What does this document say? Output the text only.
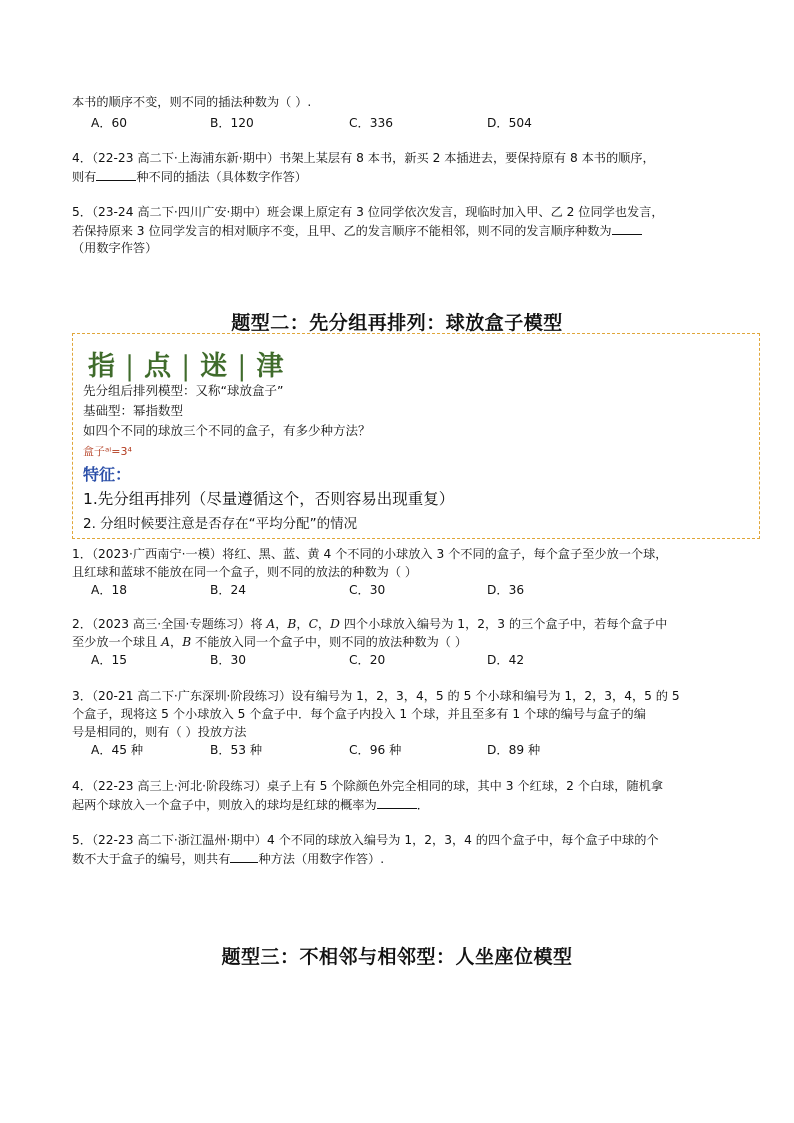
本书的顺序不变，则不同的插法种数为（ ）.
A．60	B．120	C．336	D．504
4．（22-23 高二下·上海浦东新·期中）书架上某层有 8 本书，新买 2 本插进去，要保持原有 8 本书的顺序，
则有	种不同的插法（具体数字作答）
5．（23-24 高二下·四川广安·期中）班会课上原定有 3 位同学依次发言，现临时加入甲、乙 2 位同学也发言，
若保持原来 3 位同学发言的相对顺序不变，且甲、乙的发言顺序不能相邻，则不同的发言顺序种数为
（用数字作答）
题型二：先分组再排列：球放盒子模型
指 | 点 | 迷 | 津
先分组后排列模型：又称“球放盒子”
基础型：幂指数型
如四个不同的球放三个不同的盒子，有多少种方法？
盒子ᵃⁱ=3⁴
特征：
1.先分组再排列（尽量遵循这个，否则容易出现重复）
2. 分组时候要注意是否存在“平均分配”的情况
1．（2023·广西南宁·一模）将红、黑、蓝、黄 4 个不同的小球放入 3 个不同的盒子，每个盒子至少放一个球，
且红球和蓝球不能放在同一个盒子，则不同的放法的种数为（ ）
A．18	B．24	C．30	D．36
2．（2023 高三·全国·专题练习）将 A，B，C，D 四个小球放入编号为 1，2，3 的三个盒子中，若每个盒子中
至少放一个球且 A，B 不能放入同一个盒子中，则不同的放法种数为（ ）
A．15	B．30	C．20	D．42
3．（20-21 高二下·广东深圳·阶段练习）设有编号为 1，2，3，4，5 的 5 个小球和编号为 1，2，3，4，5 的 5
个盒子，现将这 5 个小球放入 5 个盒子中．每个盒子内投入 1 个球，并且至多有 1 个球的编号与盒子的编
号是相同的，则有（ ）投放方法
A．45 种	B．53 种	C．96 种	D．89 种
4．（22-23 高三上·河北·阶段练习）桌子上有 5 个除颜色外完全相同的球，其中 3 个红球，2 个白球，随机拿
起两个球放入一个盒子中，则放入的球均是红球的概率为	．
5．（22-23 高二下·浙江温州·期中）4 个不同的球放入编号为 1，2，3，4 的四个盒子中，每个盒子中球的个
数不大于盒子的编号，则共有 种方法（用数字作答）.
题型三：不相邻与相邻型：人坐座位模型
